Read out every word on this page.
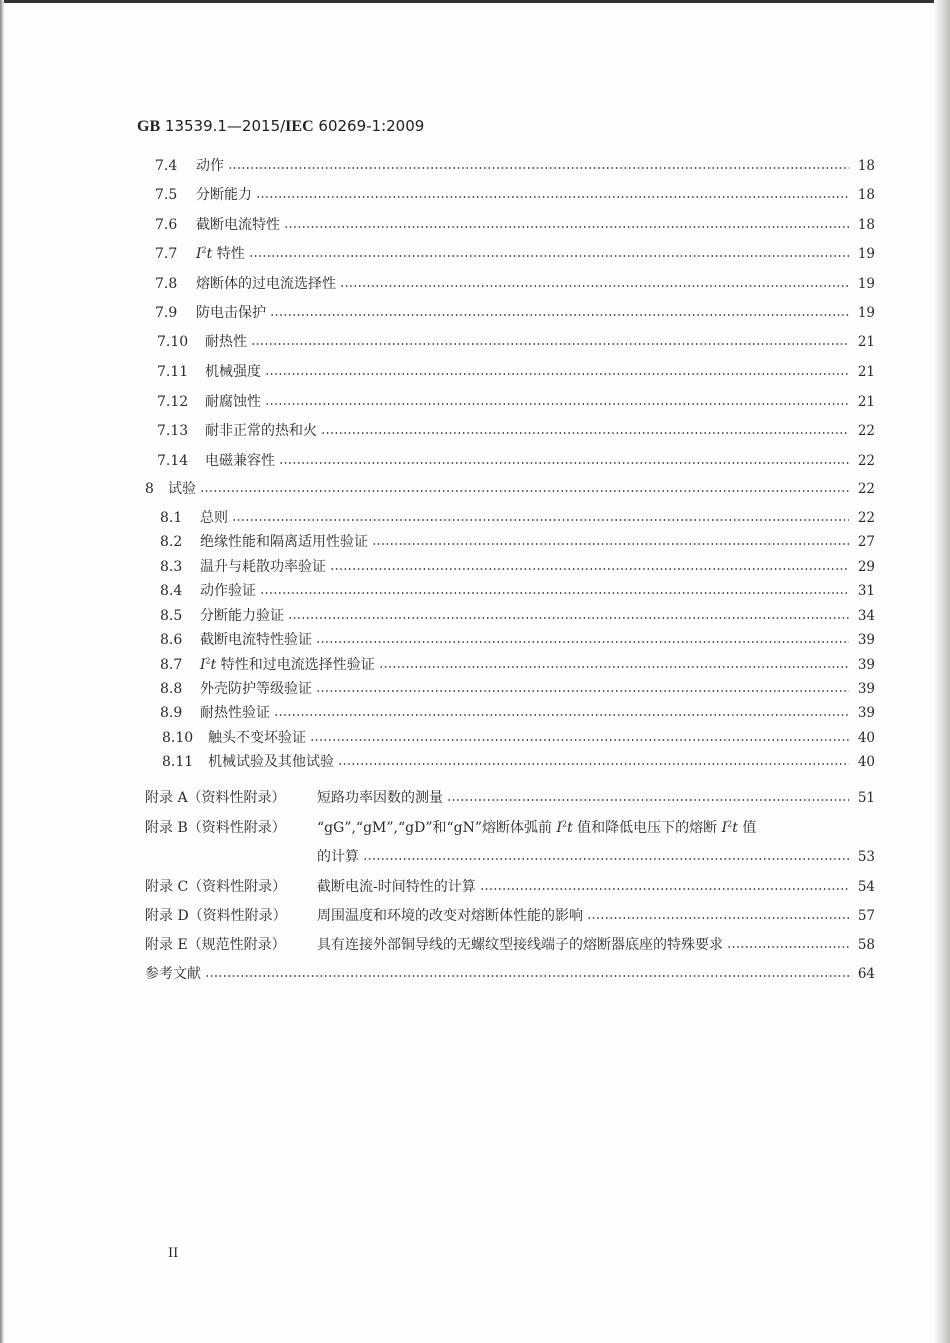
GB 13539.1—2015/IEC 60269-1:2009
7.4	动作	18
7.5	分断能力	18
7.6	截断电流特性	18
7.7	$I^2t$ 特性	19
7.8	熔断体的过电流选择性	19
7.9	防电击保护	19
7.10	耐热性	21
7.11	机械强度	21
7.12	耐腐蚀性	21
7.13	耐非正常的热和火	22
7.14	电磁兼容性	22
8	试验	22
8.1	总则	22
8.2	绝缘性能和隔离适用性验证	27
8.3	温升与耗散功率验证	29
8.4	动作验证	31
8.5	分断能力验证	34
8.6	截断电流特性验证	39
8.7	$I^2t$ 特性和过电流选择性验证	39
8.8	外壳防护等级验证	39
8.9	耐热性验证	39
8.10	触头不变坏验证	40
8.11	机械试验及其他试验	40
附录 A（资料性附录）	短路功率因数的测量	51
附录 B（资料性附录） “gG”,“gM”,“gD”和“gN”熔断体弧前 $I^2t$ 值和降低电压下的熔断 $I^2t$ 值
的计算	53
附录 C（资料性附录）	截断电流-时间特性的计算	54
附录 D（资料性附录）	周围温度和环境的改变对熔断体性能的影响	57
附录 E（规范性附录）	具有连接外部铜导线的无螺纹型接线端子的熔断器底座的特殊要求	58
参考文献	64
II
